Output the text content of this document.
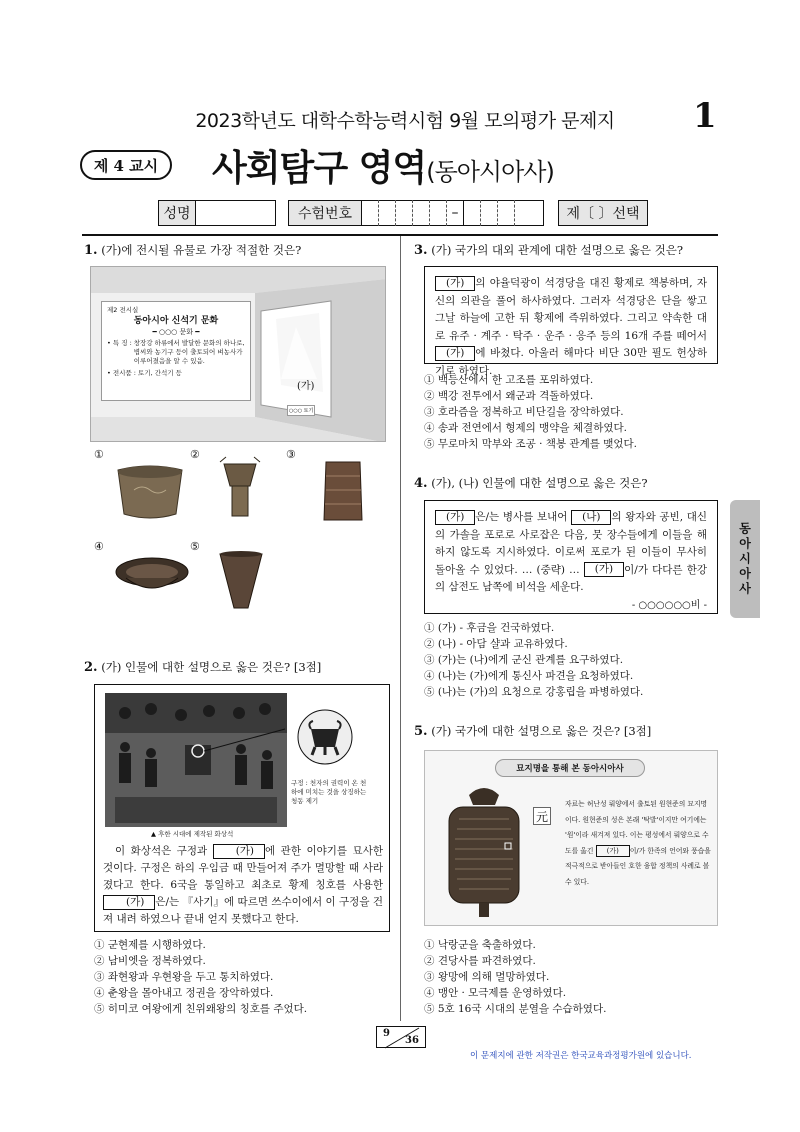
2023학년도 대학수학능력시험 9월 모의평가 문제지 1
제 4 교시	사회탐구 영역(동아시아사)
성명	수험번호	–	제〔 〕선택
1. (가)에 전시될 유물로 가장 적절한 것은?
제2 전시실
동아시아 신석기 문화
━ ○○○ 문화 ━
• 특 징 : 창장강 하류에서 발달한 문화의 하나로, 볍씨와 농기구 등이 출토되어 벼농사가 이루어졌음을 알 수 있음.
• 전시품 : 토기, 간석기 등
(가)
○○○ 토기
①	②	③
④	⑤
2. (가) 인물에 대한 설명으로 옳은 것은? [3점]
구정 : 천자의 권력이 온 천하에 미치는 것을 상징하는 청동 제기
▲ 후한 시대에 제작된 화상석
이 화상석은 구정과	(가) 에 관한 이야기를 묘사한 것이다. 구정은 하의 우임금 때 만들어져 주가 멸망할 때 사라졌다고 한다. 6국을 통일하고 최초로 황제 칭호를 사용한 (가) 은/는 『사기』에 따르면 쓰수이에서 이 구정을 건져 내려 하였으나 끝내 얻지 못했다고 한다.
① 군현제를 시행하였다.
② 남비엣을 정복하였다.
③ 좌현왕과 우현왕을 두고 통치하였다.
④ 춘왕을 몰아내고 정권을 장악하였다.
⑤ 히미코 여왕에게 친위왜왕의 칭호를 주었다.
3. (가) 국가의 대외 관계에 대한 설명으로 옳은 것은?
(가) 의 야율덕광이 석경당을 대진 황제로 책봉하며, 자신의 의관을 풀어 하사하였다. 그러자 석경당은 단을 쌓고 그날 하늘에 고한 뒤 황제에 즉위하였다. 그리고 약속한 대로 유주 · 계주 · 탁주 · 운주 · 응주 등의 16개 주를 떼어서 (가) 에 바쳤다. 아울러 해마다 비단 30만 필도 헌상하기로 하였다.
① 백등산에서 한 고조를 포위하였다.
② 백강 전투에서 왜군과 격돌하였다.
③ 호라즘을 정복하고 비단길을 장악하였다.
④ 송과 전연에서 형제의 맹약을 체결하였다.
⑤ 무로마치 막부와 조공 · 책봉 관계를 맺었다.
4. (가), (나) 인물에 대한 설명으로 옳은 것은?
(가) 은/는 병사를 보내어 (나) 의 왕자와 공빈, 대신의 가솔을 포로로 사로잡은 다음, 뭇 장수들에게 이들을 해하지 않도록 지시하였다. 이로써 포로가 된 이들이 무사히 돌아올 수 있었다. … (중략) … (가) 이/가 다다른 한강의 삼전도 남쪽에 비석을 세운다.
- ○○○○○○비 -
① (가) - 후금을 건국하였다.
② (나) - 아담 샬과 교유하였다.
③ (가)는 (나)에게 군신 관계를 요구하였다.
④ (나)는 (가)에게 통신사 파견을 요청하였다.
⑤ (나)는 (가)의 요청으로 강홍립을 파병하였다.
5. (가) 국가에 대한 설명으로 옳은 것은? [3점]
묘지명을 통해 본 동아시아사
元
자료는 허난성 뤄양에서 출토된 원현준의 묘지명이다. 원현준의 성은 본래 '탁발'이지만 여기에는 '원'이라 새겨져 있다. 이는 평성에서 뤄양으로 수도를 옮긴 (가) 이/가 한족의 언어와 풍습을 적극적으로 받아들인 호한 융합 정책의 사례로 볼 수 있다.
① 낙랑군을 축출하였다.
② 견당사를 파견하였다.
③ 왕망에 의해 멸망하였다.
④ 맹안 · 모극제를 운영하였다.
⑤ 5호 16국 시대의 분열을 수습하였다.
동아시아사
9
36
이 문제지에 관한 저작권은 한국교육과정평가원에 있습니다.
